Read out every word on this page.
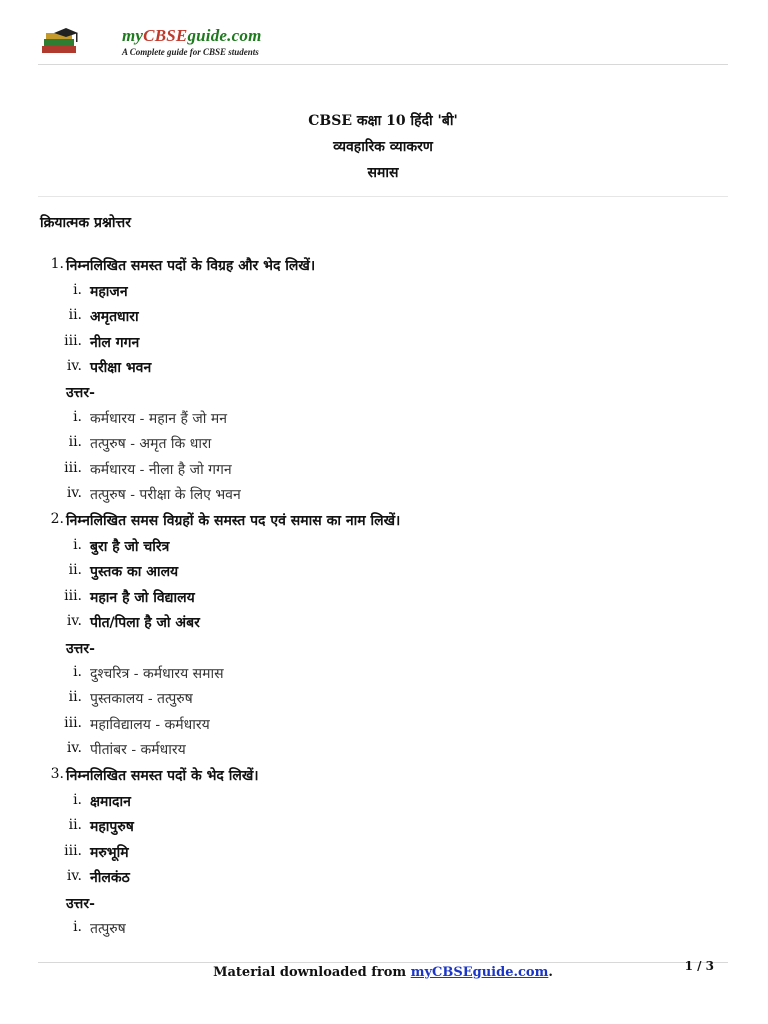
myCBSEguide.com
A Complete guide for CBSE students
CBSE कक्षा 10 हिंदी 'बी'
व्यवहारिक व्याकरण
समास
क्रियात्मक प्रश्नोत्तर
1. निम्नलिखित समस्त पदों के विग्रह और भेद लिखें।
i. महाजन
ii. अमृतधारा
iii. नील गगन
iv. परीक्षा भवन
उत्तर-
i. कर्मधारय - महान हैं जो मन
ii. तत्पुरुष - अमृत कि धारा
iii. कर्मधारय - नीला है जो गगन
iv. तत्पुरुष - परीक्षा के लिए भवन
2. निम्नलिखित समस विग्रहों के समस्त पद एवं समास का नाम लिखें।
i. बुरा है जो चरित्र
ii. पुस्तक का आलय
iii. महान है जो विद्यालय
iv. पीत/पिला है जो अंबर
उत्तर-
i. दुश्चरित्र - कर्मधारय समास
ii. पुस्तकालय - तत्पुरुष
iii. महाविद्यालय - कर्मधारय
iv. पीतांबर - कर्मधारय
3. निम्नलिखित समस्त पदों के भेद लिखें।
i. क्षमादान
ii. महापुरुष
iii. मरुभूमि
iv. नीलकंठ
उत्तर-
i. तत्पुरुष
Material downloaded from myCBSEguide.com.	1 / 3
